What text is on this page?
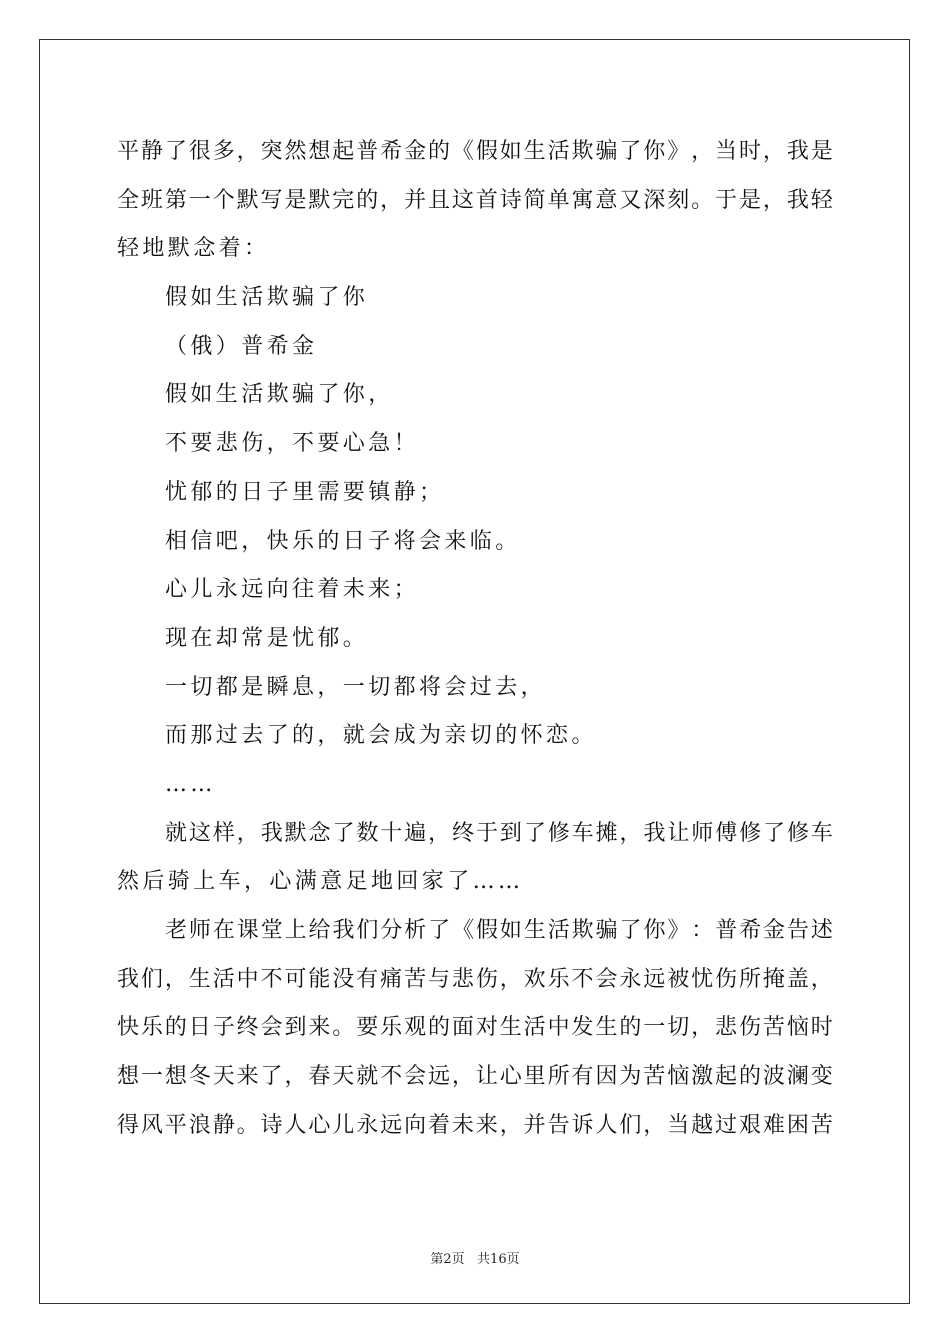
平 静 了 很 多 ， 突 然 想 起 普 希 金 的 《 假 如 生 活 欺 骗 了 你 》 ， 当 时 ， 我 是
全 班 第 一 个 默 写 是 默 完 的 ， 并 且 这 首 诗 简 单 寓 意 又 深 刻 。 于 是 ， 我 轻
轻地默念着：
假如生活欺骗了你
（俄）普希金
假如生活欺骗了你，
不要悲伤，不要心急！
忧郁的日子里需要镇静；
相信吧，快乐的日子将会来临。
心儿永远向往着未来；
现在却常是忧郁。
一切都是瞬息，一切都将会过去，
而那过去了的，就会成为亲切的怀恋。
……
就 这 样 ， 我 默 念 了 数 十 遍 ， 终 于 到 了 修 车 摊 ， 我 让 师 傅 修 了 修 车
然后骑上车，心满意足地回家了……
老 师 在 课 堂 上 给 我 们 分 析 了 《 假 如 生 活 欺 骗 了 你 》 ： 普 希 金 告 述
我 们 ， 生 活 中 不 可 能 没 有 痛 苦 与 悲 伤 ， 欢 乐 不 会 永 远 被 忧 伤 所 掩 盖 ，
快 乐 的 日 子 终 会 到 来 。 要 乐 观 的 面 对 生 活 中 发 生 的 一 切 ， 悲 伤 苦 恼 时
想 一 想 冬 天 来 了 ， 春 天 就 不 会 远 ， 让 心 里 所 有 因 为 苦 恼 激 起 的 波 澜 变
得 风 平 浪 静 。 诗 人 心 儿 永 远 向 着 未 来 ， 并 告 诉 人 们 ， 当 越 过 艰 难 困 苦
第2页   共16页
